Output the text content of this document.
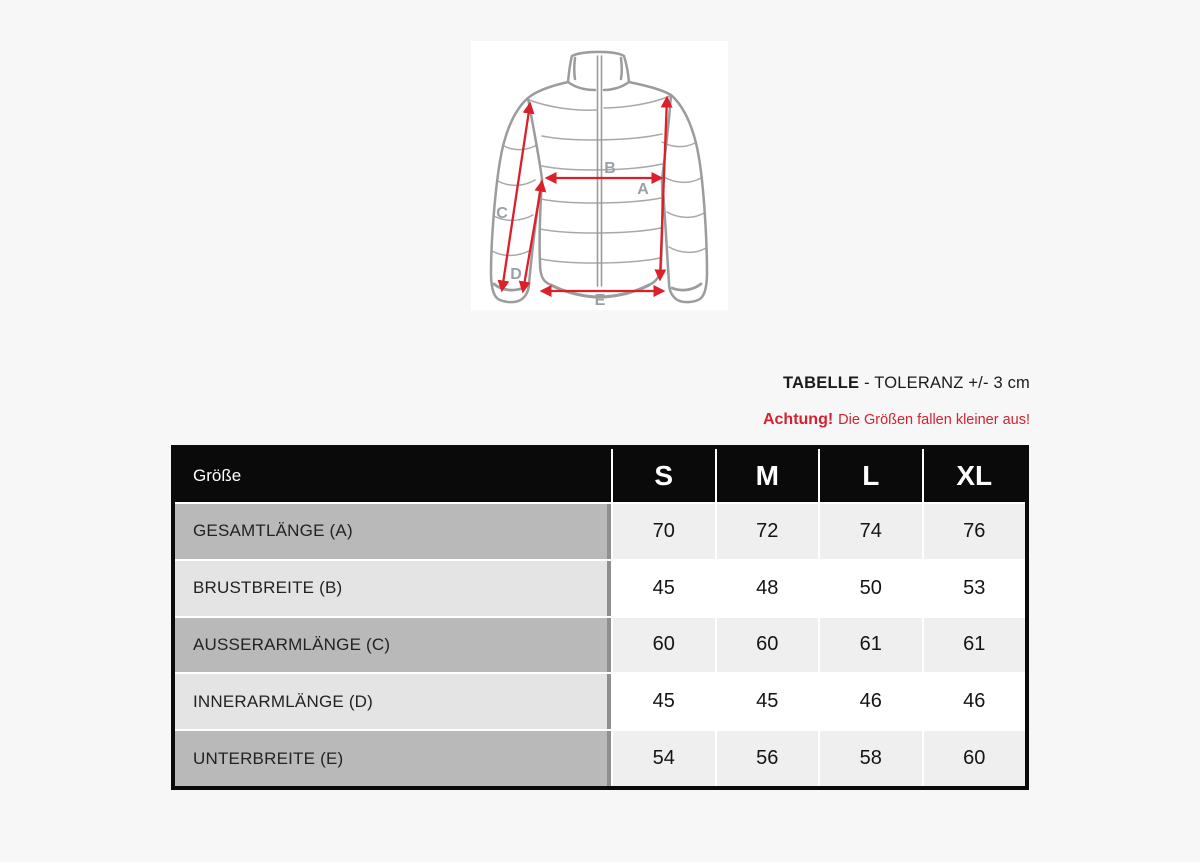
A
B
C
D
E
TABELLE - TOLERANZ +/- 3 cm
Achtung! Die Größen fallen kleiner aus!
Größe	S	M	L	XL
GESAMTLÄNGE (A)	70	72	74	76
BRUSTBREITE (B)	45	48	50	53
AUSSERARMLÄNGE (C)	60	60	61	61
INNERARMLÄNGE (D)	45	45	46	46
UNTERBREITE (E)	54	56	58	60
